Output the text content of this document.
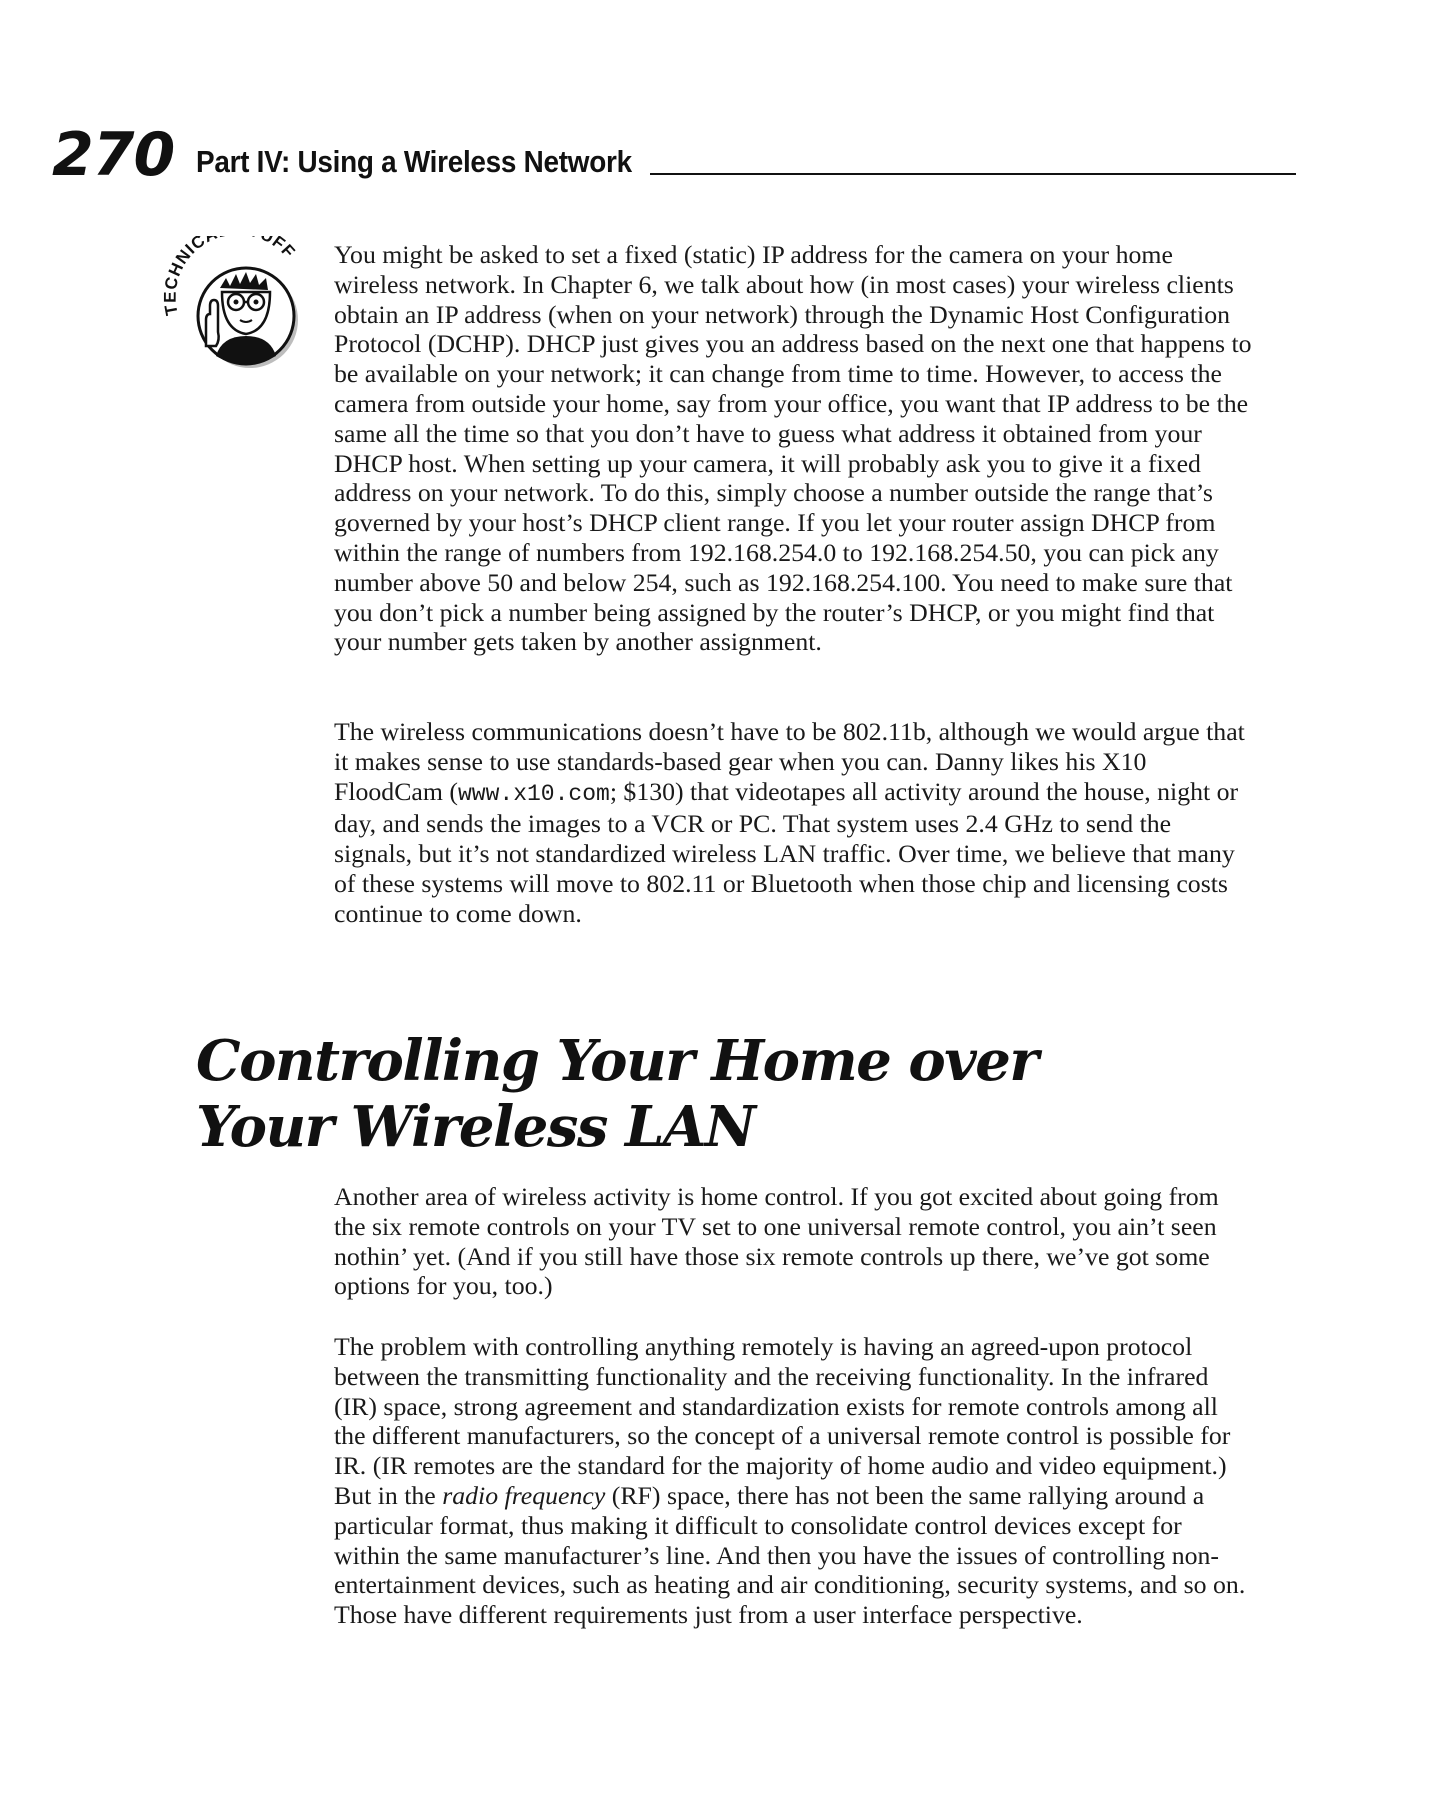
270 Part IV: Using a Wireless Network
TECHNIC FF You might be asked to set a fixed (static) IP address for the camera on your home wireless network. In Chapter 6, we talk about how (in most cases) your wireless clients obtain an IP address (when on your network) through the Dynamic Host Configuration Protocol (DCHP). DHCP just gives you an address based on the next one that happens to be available on your network; it can change from time to time. However, to access the camera from outside your home, say from your office, you want that IP address to be the same all the time so that you don’t have to guess what address it obtained from your DHCP host. When setting up your camera, it will probably ask you to give it a fixed address on your network. To do this, simply choose a number outside the range that’s governed by your host’s DHCP client range. If you let your router assign DHCP from within the range of numbers from 192.168.254.0 to 192.168.254.50, you can pick any number above 50 and below 254, such as 192.168.254.100. You need to make sure that you don’t pick a number being assigned by the router’s DHCP, or you might find that your number gets taken by another assignment.

The wireless communications doesn’t have to be 802.11b, although we would argue that it makes sense to use standards-based gear when you can. Danny likes his X10 FloodCam (www.x10.com; $130) that videotapes all activity around the house, night or day, and sends the images to a VCR or PC. That system uses 2.4 GHz to send the signals, but it’s not standardized wireless LAN traffic. Over time, we believe that many of these systems will move to 802.11 or Bluetooth when those chip and licensing costs continue to come down.

Controlling Your Home over
Your Wireless LAN

Another area of wireless activity is home control. If you got excited about going from the six remote controls on your TV set to one universal remote control, you ain’t seen nothin’ yet. (And if you still have those six remote controls up there, we’ve got some options for you, too.)

The problem with controlling anything remotely is having an agreed-upon protocol between the transmitting functionality and the receiving functionality. In the infrared (IR) space, strong agreement and standardization exists for remote controls among all the different manufacturers, so the concept of a universal remote control is possible for IR. (IR remotes are the standard for the majority of home audio and video equipment.) But in the radio frequency (RF) space, there has not been the same rallying around a particular format, thus making it difficult to consolidate control devices except for within the same manufacturer’s line. And then you have the issues of controlling non-entertainment devices, such as heating and air conditioning, security systems, and so on. Those have different requirements just from a user interface perspective.
